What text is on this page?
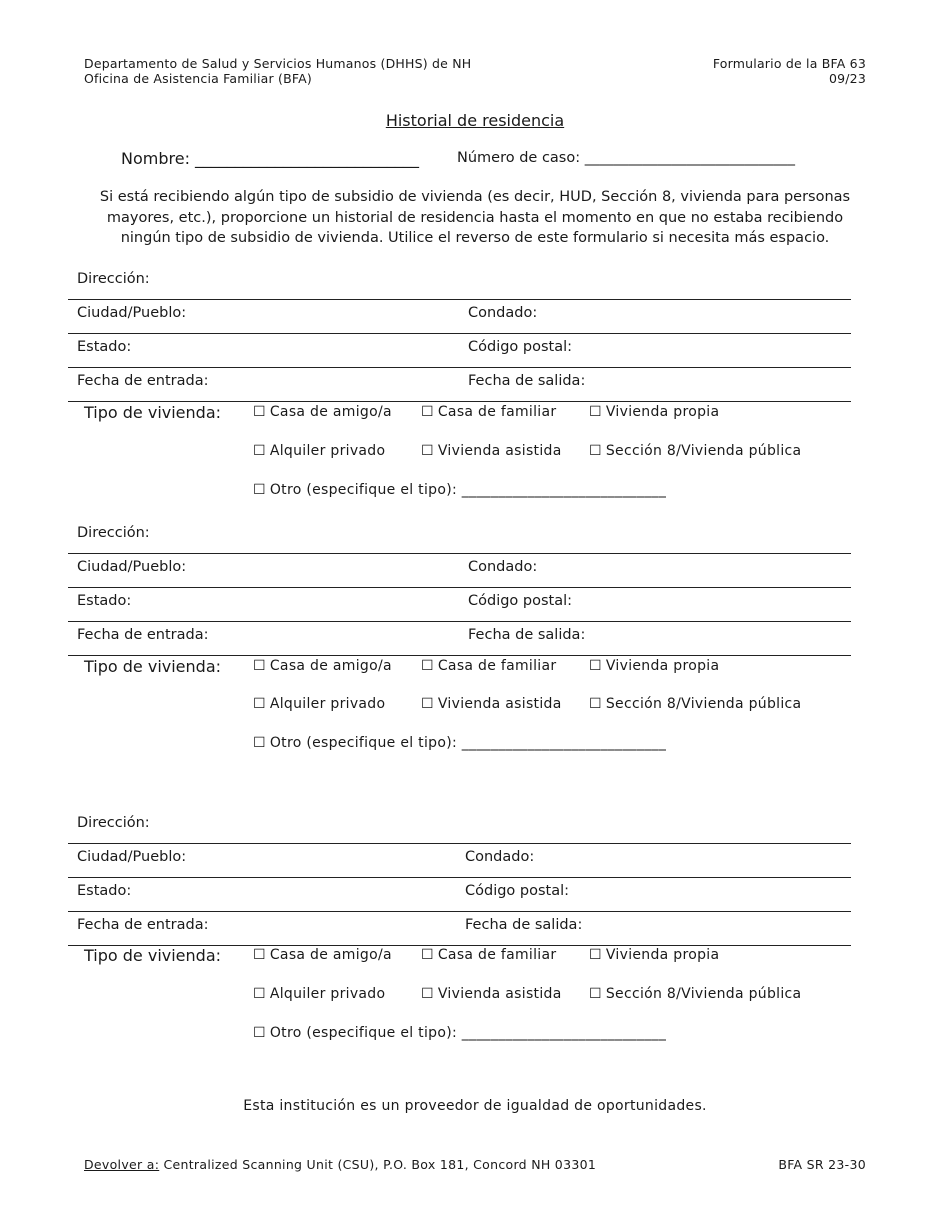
Departamento de Salud y Servicios Humanos (DHHS) de NH
Oficina de Asistencia Familiar (BFA)
Formulario de la BFA 63
09/23
Historial de residencia
Nombre: ____________________________	Número de caso: _____________________________
Si está recibiendo algún tipo de subsidio de vivienda (es decir, HUD, Sección 8, vivienda para personas mayores, etc.), proporcione un historial de residencia hasta el momento en que no estaba recibiendo ningún tipo de subsidio de vivienda. Utilice el reverso de este formulario si necesita más espacio.
Dirección:
Ciudad/Pueblo:	Condado:
Estado:	Código postal:
Fecha de entrada:	Fecha de salida:
Tipo de vivienda: ☐ Casa de amigo/a ☐ Casa de familiar ☐ Vivienda propia
☐ Alquiler privado	☐ Vivienda asistida ☐ Sección 8/Vivienda pública
☐ Otro (especifique el tipo): ____________________________
Dirección:
Ciudad/Pueblo:	Condado:
Estado:	Código postal:
Fecha de entrada:	Fecha de salida:
Tipo de vivienda: ☐ Casa de amigo/a ☐ Casa de familiar ☐ Vivienda propia
☐ Alquiler privado	☐ Vivienda asistida ☐ Sección 8/Vivienda pública
☐ Otro (especifique el tipo): ____________________________
Dirección:
Ciudad/Pueblo:	Condado:
Estado:	Código postal:
Fecha de entrada:	Fecha de salida:
Tipo de vivienda: ☐ Casa de amigo/a ☐ Casa de familiar ☐ Vivienda propia
☐ Alquiler privado	☐ Vivienda asistida ☐ Sección 8/Vivienda pública
☐ Otro (especifique el tipo): ____________________________
Esta institución es un proveedor de igualdad de oportunidades.
Devolver a: Centralized Scanning Unit (CSU), P.O. Box 181, Concord NH 03301	BFA SR 23-30
